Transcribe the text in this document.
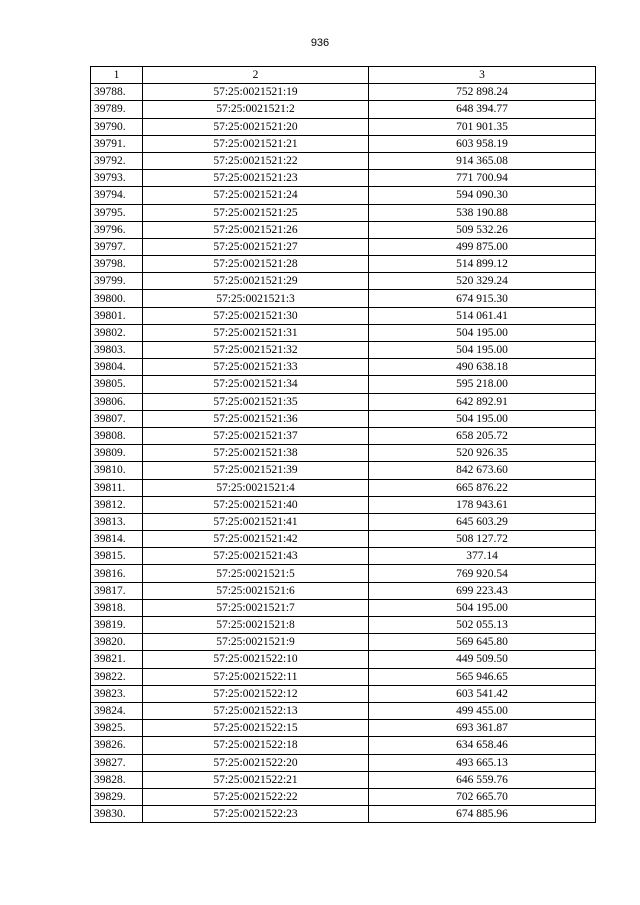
936
1	2	3
39788.	57:25:0021521:19	752 898.24
39789.	57:25:0021521:2	648 394.77
39790.	57:25:0021521:20	701 901.35
39791.	57:25:0021521:21	603 958.19
39792.	57:25:0021521:22	914 365.08
39793.	57:25:0021521:23	771 700.94
39794.	57:25:0021521:24	594 090.30
39795.	57:25:0021521:25	538 190.88
39796.	57:25:0021521:26	509 532.26
39797.	57:25:0021521:27	499 875.00
39798.	57:25:0021521:28	514 899.12
39799.	57:25:0021521:29	520 329.24
39800.	57:25:0021521:3	674 915.30
39801.	57:25:0021521:30	514 061.41
39802.	57:25:0021521:31	504 195.00
39803.	57:25:0021521:32	504 195.00
39804.	57:25:0021521:33	490 638.18
39805.	57:25:0021521:34	595 218.00
39806.	57:25:0021521:35	642 892.91
39807.	57:25:0021521:36	504 195.00
39808.	57:25:0021521:37	658 205.72
39809.	57:25:0021521:38	520 926.35
39810.	57:25:0021521:39	842 673.60
39811.	57:25:0021521:4	665 876.22
39812.	57:25:0021521:40	178 943.61
39813.	57:25:0021521:41	645 603.29
39814.	57:25:0021521:42	508 127.72
39815.	57:25:0021521:43	377.14
39816.	57:25:0021521:5	769 920.54
39817.	57:25:0021521:6	699 223.43
39818.	57:25:0021521:7	504 195.00
39819.	57:25:0021521:8	502 055.13
39820.	57:25:0021521:9	569 645.80
39821.	57:25:0021522:10	449 509.50
39822.	57:25:0021522:11	565 946.65
39823.	57:25:0021522:12	603 541.42
39824.	57:25:0021522:13	499 455.00
39825.	57:25:0021522:15	693 361.87
39826.	57:25:0021522:18	634 658.46
39827.	57:25:0021522:20	493 665.13
39828.	57:25:0021522:21	646 559.76
39829.	57:25:0021522:22	702 665.70
39830.	57:25:0021522:23	674 885.96
